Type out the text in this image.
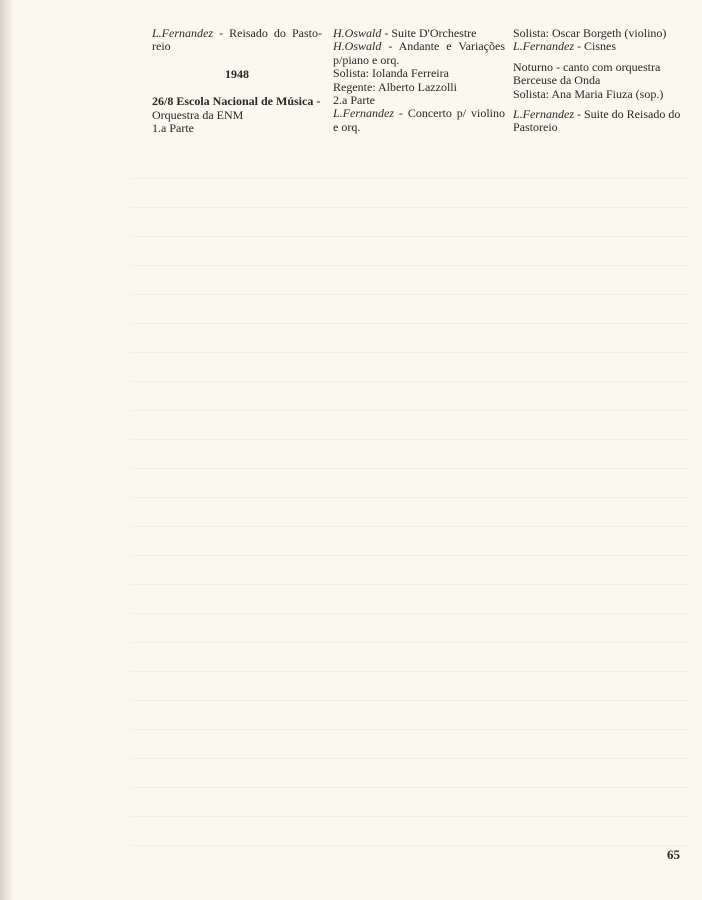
L.Fernandez - Reisado do Pasto-reio

1948

26/8 Escola Nacional de Música -

Orquestra da ENM

1.a Parte

H.Oswald - Suite D'Orchestre

H.Oswald - Andante e Variações p/piano e orq.

Solista: Iolanda Ferreira

Regente: Alberto Lazzolli

2.a Parte

L.Fernandez - Concerto p/ violino e orq.

Solista: Oscar Borgeth (violino)

L.Fernandez - Cisnes

Noturno - canto com orquestra

Berceuse da Onda

Solista: Ana Maria Fiuza (sop.)

L.Fernandez - Suite do Reisado do Pastoreio

65
